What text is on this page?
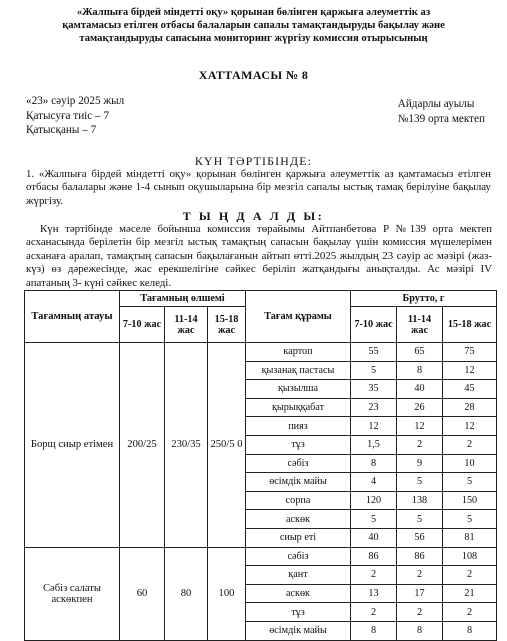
«Жалпыға бірдей міндетті оқу» қорынан бөлінген қаржыға әлеуметтік аз
қамтамасыз етілген отбасы балаларын сапалы тамақтандыруды бақылау және
тамақтандыруды сапасына мониторинг жүргізу комиссия отырысының
ХАТТАМАСЫ № 8
«23» сәуір 2025 жыл
Қатысуға тиіс – 7
Қатысқаны – 7
Айдарлы ауылы
№139 орта мектеп
КҮН ТӘРТІБІНДЕ:
1. «Жалпыға бірдей міндетті оқу» қорынан бөлінген қаржыға әлеуметтік аз қамтамасыз етілген отбасы балалары және 1-4 сынып оқушыларына бір мезгіл сапалы ыстық тамақ берілуіне бақылау жүргізу.
Т Ы Ң Д А Л Д Ы:
Күн тәртібінде мәселе бойынша комиссия төрайымы Айтпанбетова Р №139 орта мектеп асханасында берілетін бір мезгіл ыстық тамақтың сапасын бақылау үшін комиссия мүшелерімен асханаға аралап, тамақтың сапасын бақылағанын айтып өтті.2025 жылдың 23 сәуір ас мәзірі (жаз-күз) өз дәрежесінде, жас ерекшелігіне сәйкес беріліп жатқандығы анықталды. Ас мәзірі IV апатаның 3- күні сәйкес келеді.
Тағамның атауы	Тағамның өлшемі			Тағам құрамы	Брутто, г		
	7-10 жас	11-14 жас	15-18 жас		7-10 жас	11-14 жас	15-18 жас
Борщ сиыр етімен	200/25	230/35	250/5 0	картоп	55	65	75
				қызанақ пастасы	5	8	12
				қызылша	35	40	45
				қырыққабат	23	26	28
				пияз	12	12	12
				тұз	1,5	2	2
				сәбіз	8	9	10
				өсімдік майы	4	5	5
				сорпа	120	138	150
				аскөк	5	5	5
				сиыр еті	40	56	81
Сәбіз салаты аскөкпен	60	80	100	сәбіз	86	86	108
				қант	2	2	2
				аскөк	13	17	21
				тұз	2	2	2
				өсімдік майы	8	8	8
